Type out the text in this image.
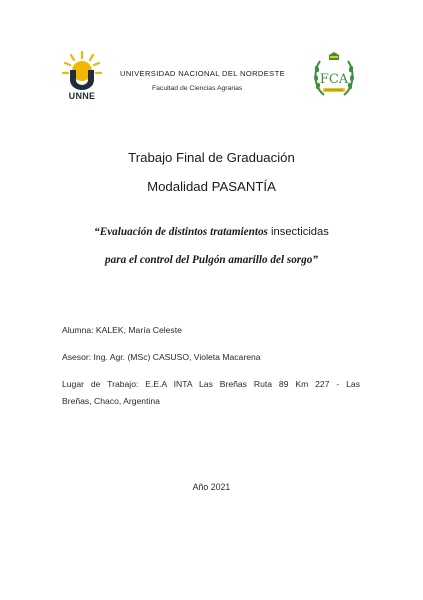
UNNE
UNIVERSIDAD NACIONAL DEL NORDESTE
Facultad de Ciencias Agrarias
FCA
Trabajo Final de Graduación
Modalidad PASANTÍA
“Evaluación de distintos tratamientos insecticidas
para el control del Pulgón amarillo del sorgo”
Alumna: KALEK, María Celeste
Asesor: Ing. Agr. (MSc) CASUSO, Violeta Macarena
Lugar de Trabajo: E.E.A INTA Las Breñas Ruta 89 Km 227 - Las
Breñas, Chaco, Argentina
Año 2021
